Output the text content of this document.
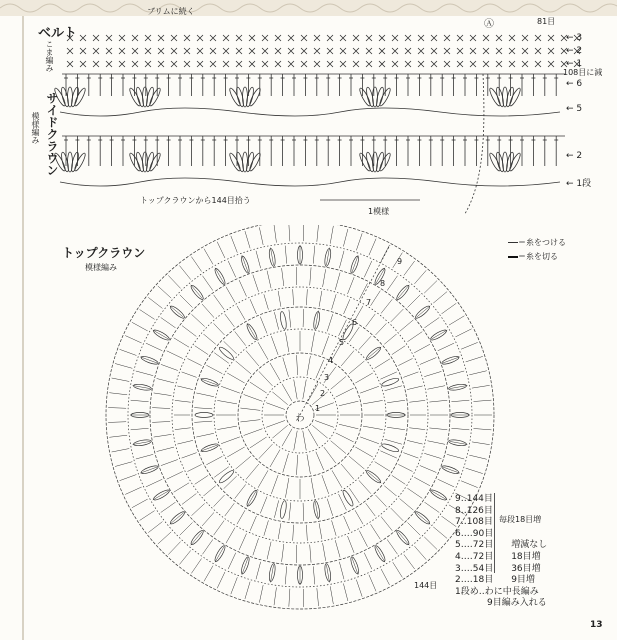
ベルト
こま編み
サイドクラウン
模様編み
ブリムに続く
Ⓐ	81目
108目に減
トップクラウンから144目拾う
1模様
← 3
← 2
← 1
← 6
← 5
← 2
← 1段
トップクラウン
模様編み
＝糸をつける
＝糸を切る
わ
9
8
7
6
5
4
3
2
1
144目
毎段18目増
9‥144目
8‥126目
7‥108目
6‥‥90目
5‥‥72目　　増減なし
4‥‥72目　　18目増
3‥‥54目　　36目増
2‥‥18目　　9目増
1段め‥わに中長編み
9目編み入れる
13
